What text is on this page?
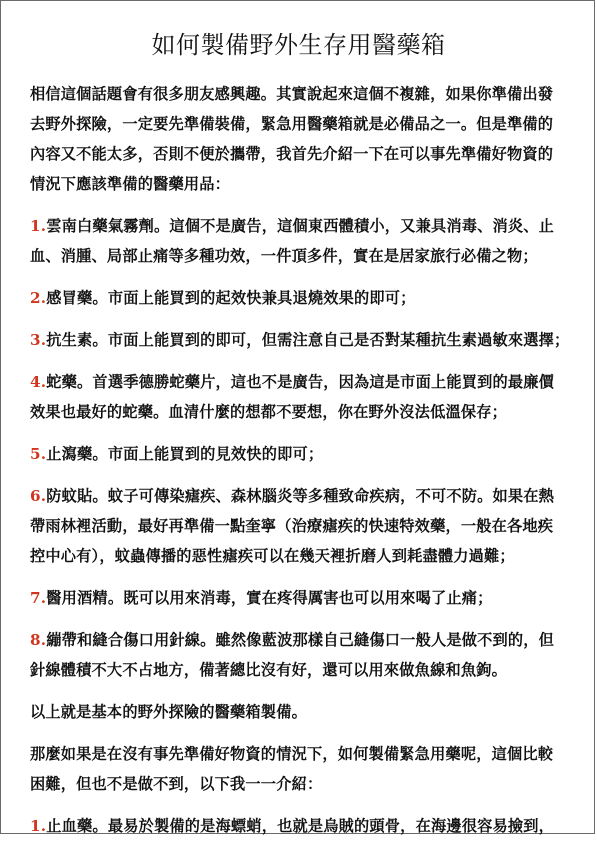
如何製備野外生存用醫藥箱

相信這個話題會有很多朋友感興趣。其實說起來這個不複雜，如果你準備出發
去野外探險，一定要先準備裝備，緊急用醫藥箱就是必備品之一。但是準備的
內容又不能太多，否則不便於攜帶，我首先介紹一下在可以事先準備好物資的
情況下應該準備的醫藥用品：

1.雲南白藥氣霧劑。這個不是廣告，這個東西體積小，又兼具消毒、消炎、止
血、消腫、局部止痛等多種功效，一件頂多件，實在是居家旅行必備之物；

2.感冒藥。市面上能買到的起效快兼具退燒效果的即可；

3.抗生素。市面上能買到的即可，但需注意自己是否對某種抗生素過敏來選擇；

4.蛇藥。首選季德勝蛇藥片，這也不是廣告，因為這是市面上能買到的最廉價
效果也最好的蛇藥。血清什麼的想都不要想，你在野外沒法低溫保存；

5.止瀉藥。市面上能買到的見效快的即可；

6.防蚊貼。蚊子可傳染瘧疾、森林腦炎等多種致命疾病，不可不防。如果在熱
帶雨林裡活動，最好再準備一點奎寧（治療瘧疾的快速特效藥，一般在各地疾
控中心有），蚊蟲傳播的惡性瘧疾可以在幾天裡折磨人到耗盡體力過難；

7.醫用酒精。既可以用來消毒，實在疼得厲害也可以用來喝了止痛；

8.繃帶和縫合傷口用針線。雖然像藍波那樣自己縫傷口一般人是做不到的，但
針線體積不大不占地方，備著總比沒有好，還可以用來做魚線和魚鉤。

以上就是基本的野外探險的醫藥箱製備。

那麼如果是在沒有事先準備好物資的情況下，如何製備緊急用藥呢，這個比較
困難，但也不是做不到，以下我一一介紹：

1.止血藥。最易於製備的是海螵蛸，也就是烏賊的頭骨，在海邊很容易撿到，
